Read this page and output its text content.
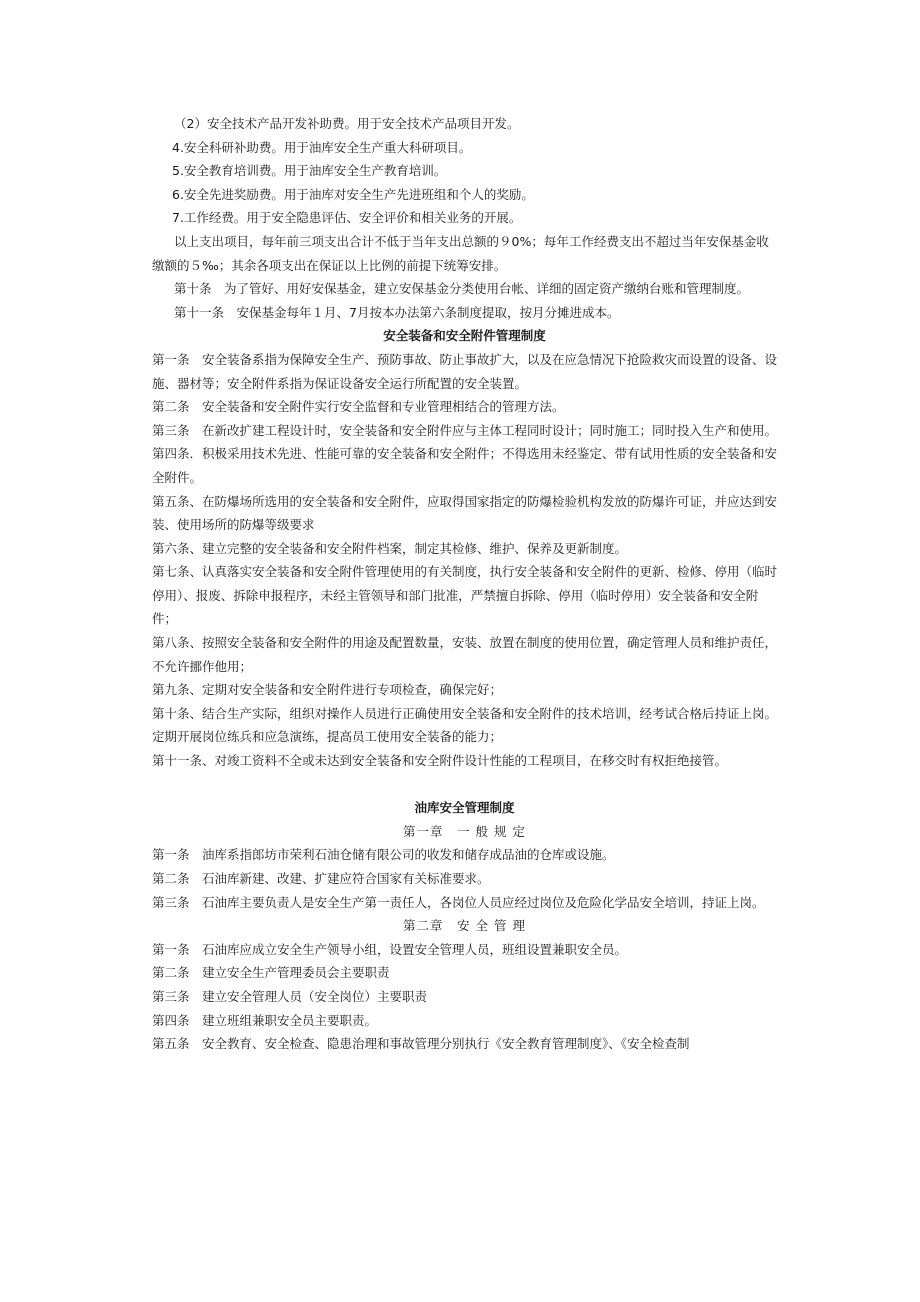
（2）安全技术产品开发补助费。用于安全技术产品项目开发。

4.安全科研补助费。用于油库安全生产重大科研项目。

5.安全教育培训费。用于油库安全生产教育培训。

6.安全先进奖励费。用于油库对安全生产先进班组和个人的奖励。

7.工作经费。用于安全隐患评估、安全评价和相关业务的开展。

以上支出项目，每年前三项支出合计不低于当年支出总额的９0%；每年工作经费支出不超过当年安保基金收缴额的５‰；其余各项支出在保证以上比例的前提下统筹安排。

第十条　为了管好、用好安保基金，建立安保基金分类使用台帐、详细的固定资产缴纳台账和管理制度。

第十一条　安保基金每年１月、7月按本办法第六条制度提取，按月分摊进成本。

安全装备和安全附件管理制度

第一条　安全装备系指为保障安全生产、预防事故、防止事故扩大，以及在应急情况下抢险救灾而设置的设备、设施、器材等；安全附件系指为保证设备安全运行所配置的安全装置。

第二条　安全装备和安全附件实行安全监督和专业管理相结合的管理方法。

第三条　在新改扩建工程设计时，安全装备和安全附件应与主体工程同时设计；同时施工；同时投入生产和使用。

第四条．积极采用技术先进、性能可靠的安全装备和安全附件；不得选用未经鉴定、带有试用性质的安全装备和安全附件。

第五条、在防爆场所选用的安全装备和安全附件，应取得国家指定的防爆检验机构发放的防爆许可证，并应达到安装、使用场所的防爆等级要求

第六条、建立完整的安全装备和安全附件档案，制定其检修、维护、保养及更新制度。

第七条、认真落实安全装备和安全附件管理使用的有关制度，执行安全装备和安全附件的更新、检修、停用（临时停用）、报废、拆除申报程序，未经主管领导和部门批准，严禁擅自拆除、停用（临时停用）安全装备和安全附件；

第八条、按照安全装备和安全附件的用途及配置数量，安装、放置在制度的使用位置，确定管理人员和维护责任，不允许挪作他用；

第九条、定期对安全装备和安全附件进行专项检查，确保完好；

第十条、结合生产实际，组织对操作人员进行正确使用安全装备和安全附件的技术培训，经考试合格后持证上岗。定期开展岗位练兵和应急演练，提高员工使用安全装备的能力；

第十一条、对竣工资料不全或未达到安全装备和安全附件设计性能的工程项目，在移交时有权拒绝接管。

油库安全管理制度

第一章　一 般 规 定

第一条　油库系指郎坊市荣利石油仓储有限公司的收发和储存成品油的仓库或设施。

第二条　石油库新建、改建、扩建应符合国家有关标准要求。

第三条　石油库主要负责人是安全生产第一责任人，各岗位人员应经过岗位及危险化学品安全培训，持证上岗。

第二章　安 全 管 理

第一条　石油库应成立安全生产领导小组，设置安全管理人员，班组设置兼职安全员。

第二条　建立安全生产管理委员会主要职责

第三条　建立安全管理人员（安全岗位）主要职责

第四条　建立班组兼职安全员主要职责。

第五条　安全教育、安全检查、隐患治理和事故管理分别执行《安全教育管理制度》、《安全检查制
